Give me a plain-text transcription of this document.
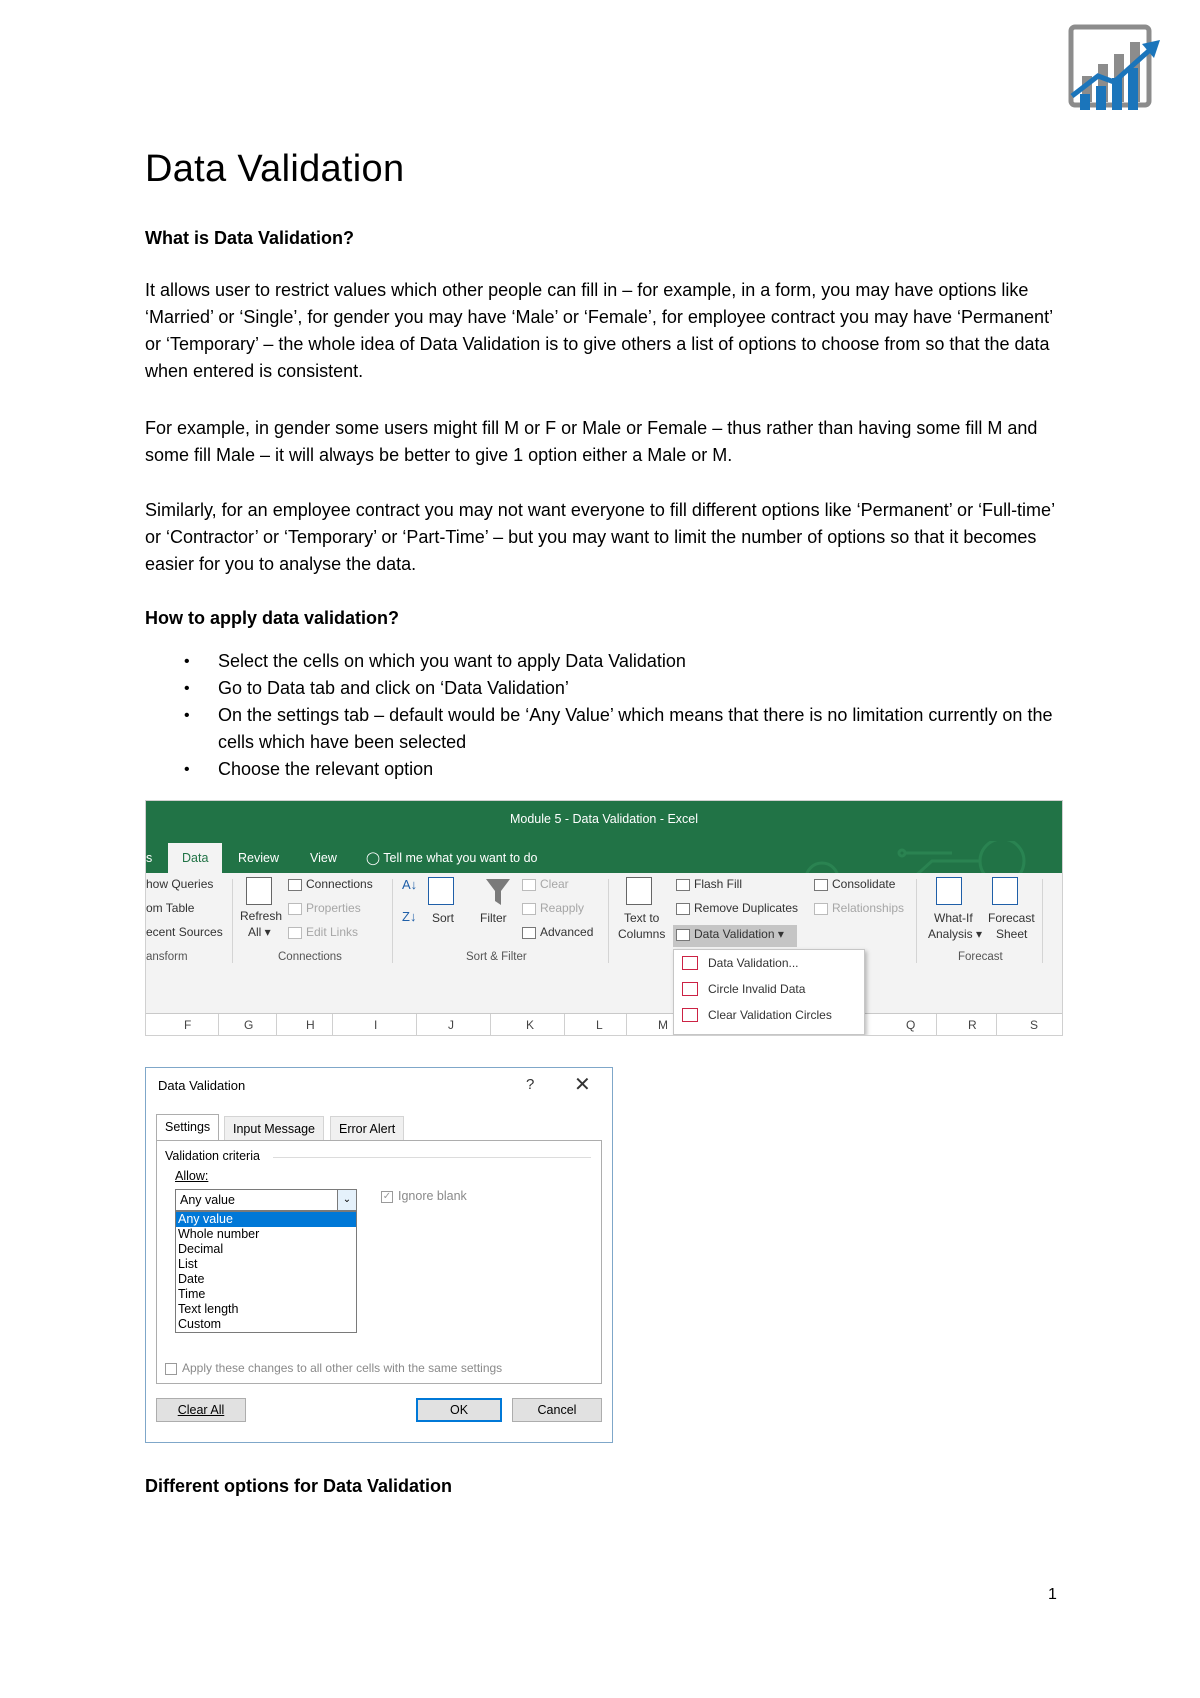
Data Validation
What is Data Validation?

It allows user to restrict values which other people can fill in – for example, in a form, you may have options like ‘Married’ or ‘Single’, for gender you may have ‘Male’ or ‘Female’, for employee contract you may have ‘Permanent’ or ‘Temporary’ – the whole idea of Data Validation is to give others a list of options to choose from so that the data when entered is consistent.

For example, in gender some users might fill M or F or Male or Female – thus rather than having some fill M and some fill Male – it will always be better to give 1 option either a Male or M.

Similarly, for an employee contract you may not want everyone to fill different options like ‘Permanent’ or ‘Full-time’ or ‘Contractor’ or ‘Temporary’ or ‘Part-Time’ – but you may want to limit the number of options so that it becomes easier for you to analyse the data.

How to apply data validation?
• Select the cells on which you want to apply Data Validation
• Go to Data tab and click on ‘Data Validation’
• On the settings tab – default would be ‘Any Value’ which means that there is no limitation currently on the cells which have been selected
• Choose the relevant option
Module 5 - Data Validation - Excel
s	Data	Review View ◯ Tell me what you want to do
how Queries
om Table
ecent Sources
ansform
Refresh
All ▾
Connections
Properties
Edit Links
Connections
A↓
Z↓ Sort Filter
Clear
Reapply
Advanced
Sort & Filter
Text to
Columns
Flash Fill
Remove Duplicates
Data Validation ▾
Consolidate
Relationships
What-If
Analysis ▾
Forecast
Sheet
Forecast
F	G	H	I	J	K	L	M	Q	R	S
Data Validation...
Circle Invalid Data
Clear Validation Circles
Data Validation	? ✕
Settings	Input Message	Error Alert
Validation criteria
Allow:
Any value	⌄
Any value
Whole number
Decimal
List
Date
Time
Text length
Custom
✓ Ignore blank
Apply these changes to all other cells with the same settings
Clear All	OK	Cancel
Different options for Data Validation
1
